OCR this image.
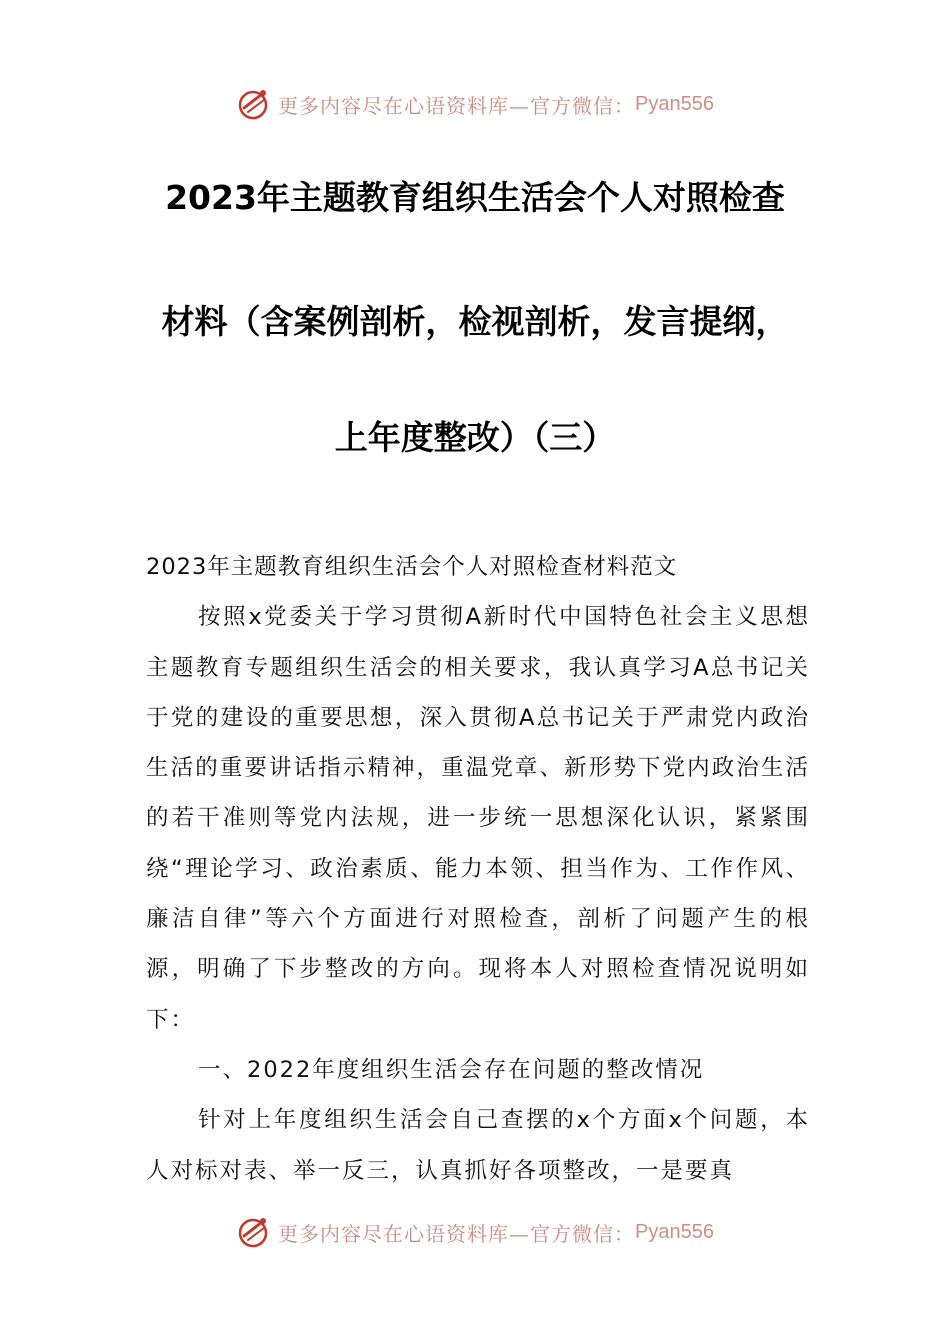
更多内容尽在心语资料库—官方微信： Pyan556
2023年主题教育组织生活会个人对照检查
材料（含案例剖析，检视剖析，发言提纲，
上年度整改）（三）

2023年主题教育组织生活会个人对照检查材料范文

按照x党委关于学习贯彻A新时代中国特色社会主义思想主题教育专题组织生活会的相关要求，我认真学习A总书记关于党的建设的重要思想，深入贯彻A总书记关于严肃党内政治生活的重要讲话指示精神，重温党章、新形势下党内政治生活的若干准则等党内法规，进一步统一思想深化认识，紧紧围绕“理论学习、政治素质、能力本领、担当作为、工作作风、廉洁自律”等六个方面进行对照检查，剖析了问题产生的根源，明确了下步整改的方向。现将本人对照检查情况说明如下：

一、2022年度组织生活会存在问题的整改情况

针对上年度组织生活会自己查摆的x个方面x个问题，本人对标对表、举一反三，认真抓好各项整改，一是要真

更多内容尽在心语资料库—官方微信： Pyan556
